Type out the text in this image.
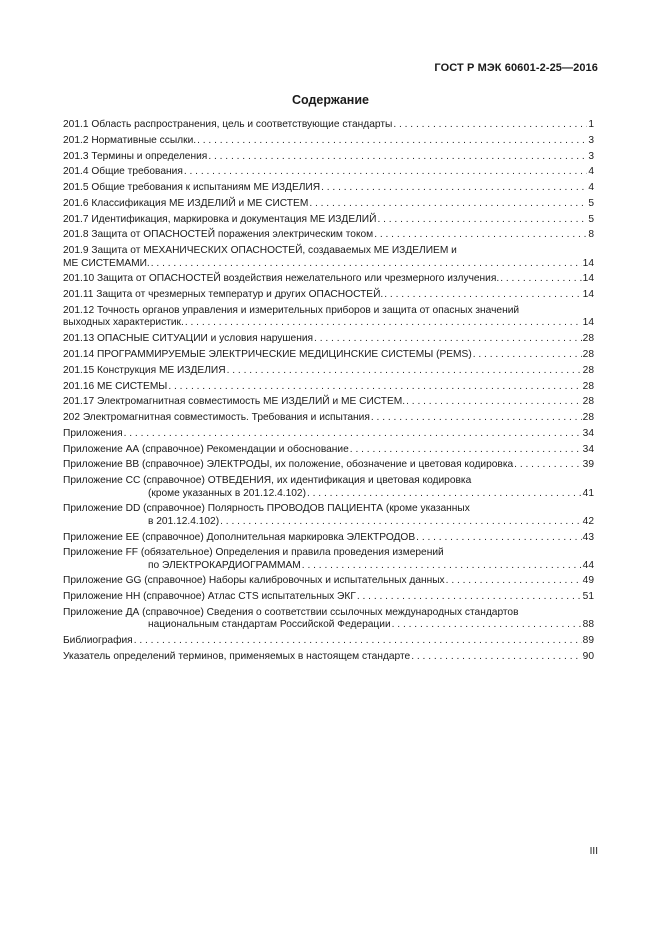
ГОСТ Р МЭК 60601-2-25—2016
Содержание
201.1 Область распространения, цель и соответствующие стандарты . . .	1
201.2 Нормативные ссылки. . . .	3
201.3 Термины и определения . . .	3
201.4 Общие требования . . .	4
201.5 Общие требования к испытаниям МЕ ИЗДЕЛИЯ . . .	4
201.6 Классификация МЕ ИЗДЕЛИЙ и МЕ СИСТЕМ . . .	5
201.7 Идентификация, маркировка и документация МЕ ИЗДЕЛИЙ . . .	5
201.8 Защита от ОПАСНОСТЕЙ поражения электрическим током . . .	8
201.9 Защита от МЕХАНИЧЕСКИХ ОПАСНОСТЕЙ, создаваемых МЕ ИЗДЕЛИЕМ и
МЕ СИСТЕМАМИ. . . .	14
201.10 Защита от ОПАСНОСТЕЙ воздействия нежелательного или чрезмерного излучения. . . .	14
201.11 Защита от чрезмерных температур и других ОПАСНОСТЕЙ. . . .	14
201.12 Точность органов управления и измерительных приборов и защита от опасных значений
выходных характеристик. . . .	14
201.13 ОПАСНЫЕ СИТУАЦИИ и условия нарушения . . .	28
201.14 ПРОГРАММИРУЕМЫЕ ЭЛЕКТРИЧЕСКИЕ МЕДИЦИНСКИЕ СИСТЕМЫ (PEMS) . . .	28
201.15 Конструкция МЕ ИЗДЕЛИЯ . . .	28
201.16 МЕ СИСТЕМЫ . . .	28
201.17 Электромагнитная совместимость МЕ ИЗДЕЛИЙ и МЕ СИСТЕМ. . . .	28
202 Электромагнитная совместимость. Требования и испытания . . .	28
Приложения . . .	34
Приложение АА (справочное) Рекомендации и обоснование . . .	34
Приложение ВВ (справочное) ЭЛЕКТРОДЫ, их положение, обозначение и цветовая кодировка . . .	39
Приложение СС (справочное) ОТВЕДЕНИЯ, их идентификация и цветовая кодировка
(кроме указанных в 201.12.4.102) . . .	41
Приложение DD (справочное) Полярность ПРОВОДОВ ПАЦИЕНТА (кроме указанных
в 201.12.4.102) . . .	42
Приложение ЕЕ (справочное) Дополнительная маркировка ЭЛЕКТРОДОВ . . .	43
Приложение FF (обязательное) Определения и правила проведения измерений
по ЭЛЕКТРОКАРДИОГРАММАМ . . .	44
Приложение GG (справочное) Наборы калибровочных и испытательных данных . . .	49
Приложение НН (справочное) Атлас CTS испытательных ЭКГ . . .	51
Приложение ДА (справочное) Сведения о соответствии ссылочных международных стандартов
национальным стандартам Российской Федерации . . .	88
Библиография . . .	89
Указатель определений терминов, применяемых в настоящем стандарте . . .	90
III
